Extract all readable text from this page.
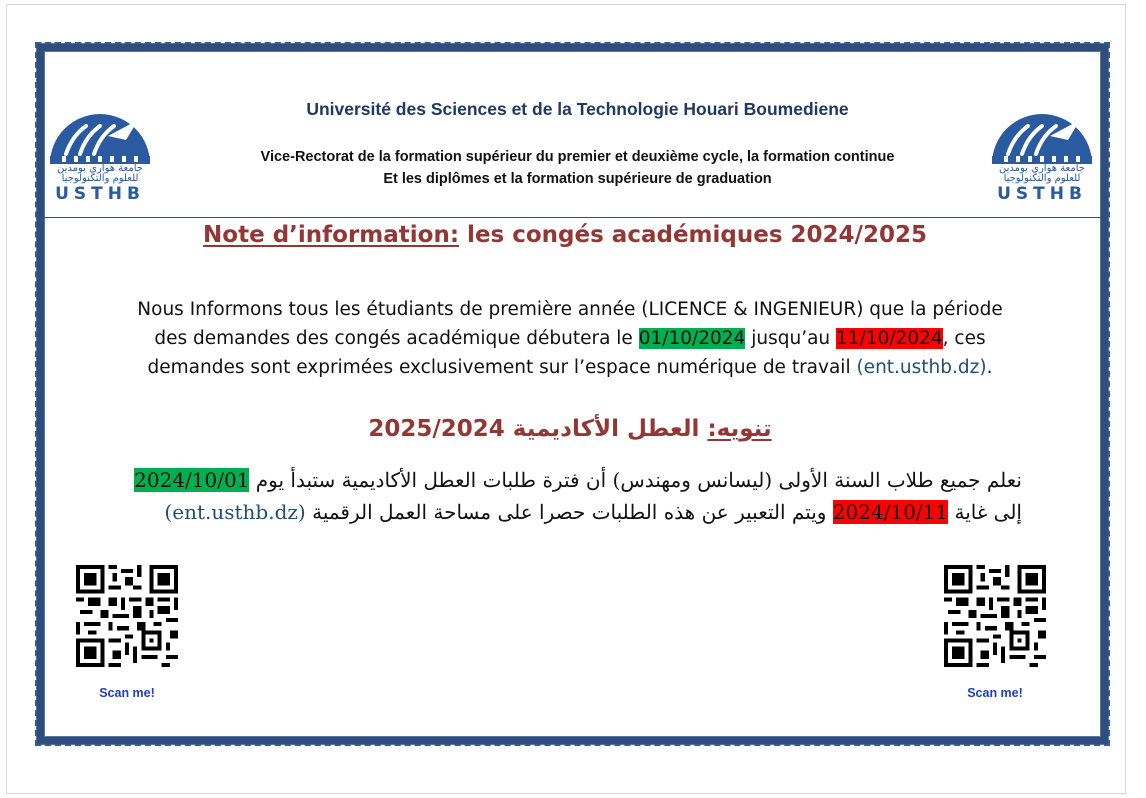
جامعة هواري بومدين
للعلوم والتكنولوجيا
USTHB
جامعة هواري بومدين
للعلوم والتكنولوجيا
USTHB
Université des Sciences et de la Technologie Houari Boumediene
Vice-Rectorat de la formation supérieur du premier et deuxième cycle, la formation continue
Et les diplômes et la formation supérieure de graduation
Note d’information: les congés académiques 2024/2025
Nous Informons tous les étudiants de première année (LICENCE & INGENIEUR) que la période
des demandes des congés académique débutera le 01/10/2024 jusqu’au 11/10/2024, ces
demandes sont exprimées exclusivement sur l’espace numérique de travail (ent.usthb.dz).
تنويه: العطل الأكاديمية 2025/2024
نعلم جميع طلاب السنة الأولى (ليسانس ومهندس) أن فترة طلبات العطل الأكاديمية ستبدأ يوم 2024/10/01
إلى غاية 2024/10/11 ويتم التعبير عن هذه الطلبات حصرا على مساحة العمل الرقمية (ent.usthb.dz)
Scan me!	Scan me!
